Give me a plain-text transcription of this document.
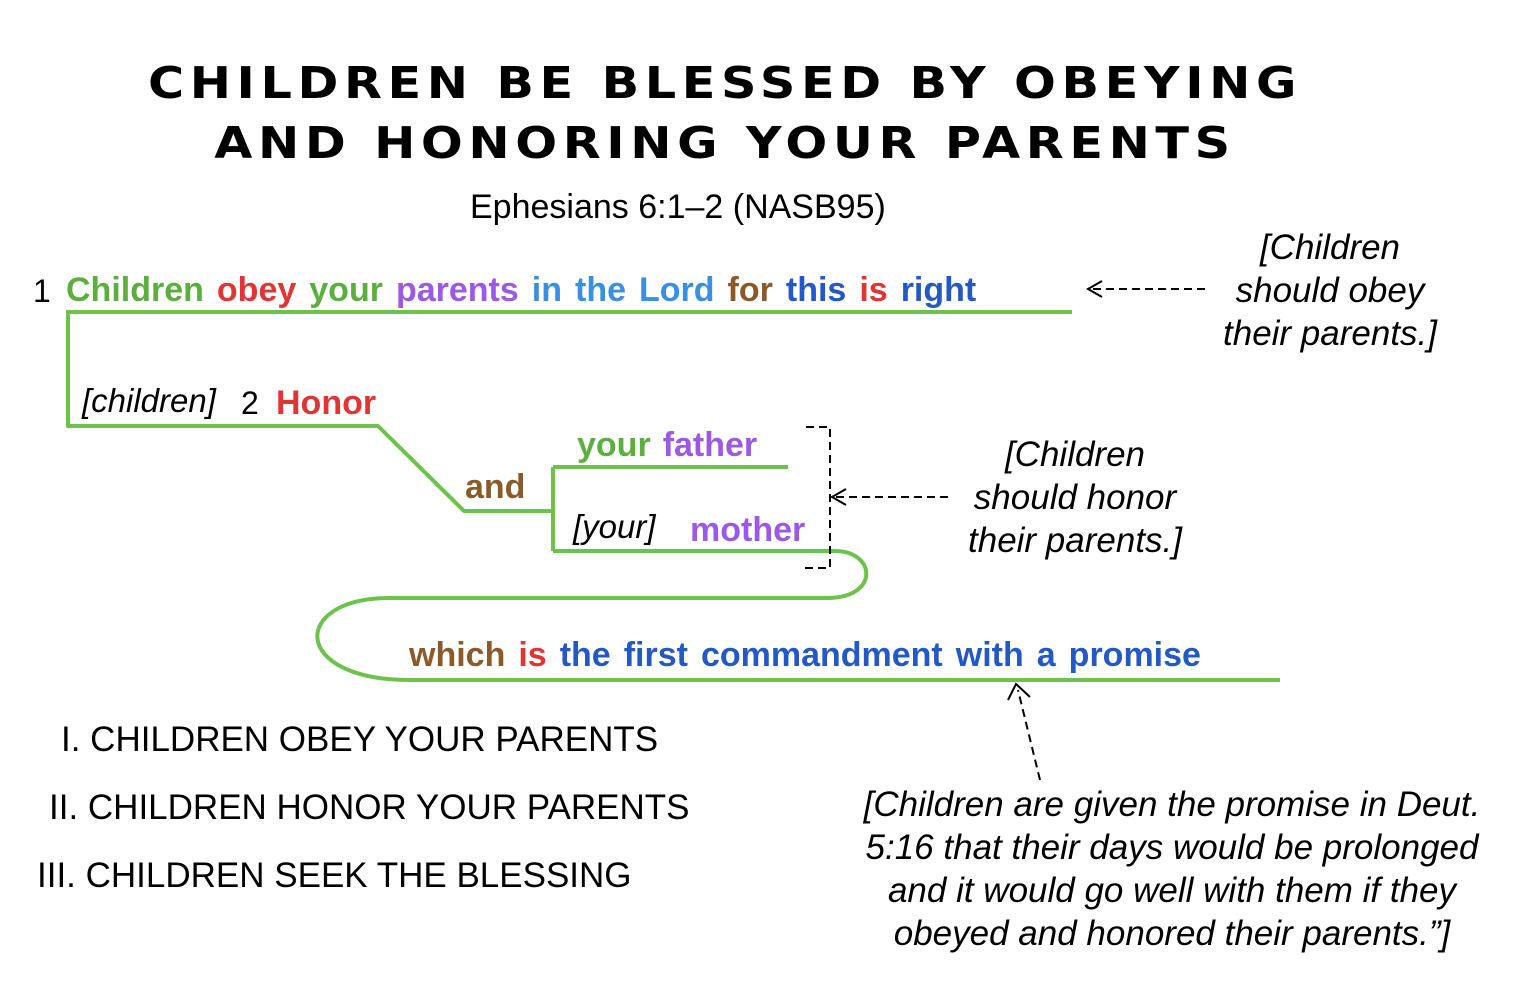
CHILDREN BE BLESSED BY OBEYING
AND HONORING YOUR PARENTS
Ephesians 6:1–2 (NASB95)
1 Children obey your parents in the Lord for this is right
[children] 2 Honor
and
your father
[your] mother
which is the first commandment with a promise
[Children
should obey
their parents.]
[Children
should honor
their parents.]
[Children are given the promise in Deut.
5:16 that their days would be prolonged
and it would go well with them if they
obeyed and honored their parents.”]
I. CHILDREN OBEY YOUR PARENTS
II. CHILDREN HONOR YOUR PARENTS
III. CHILDREN SEEK THE BLESSING
